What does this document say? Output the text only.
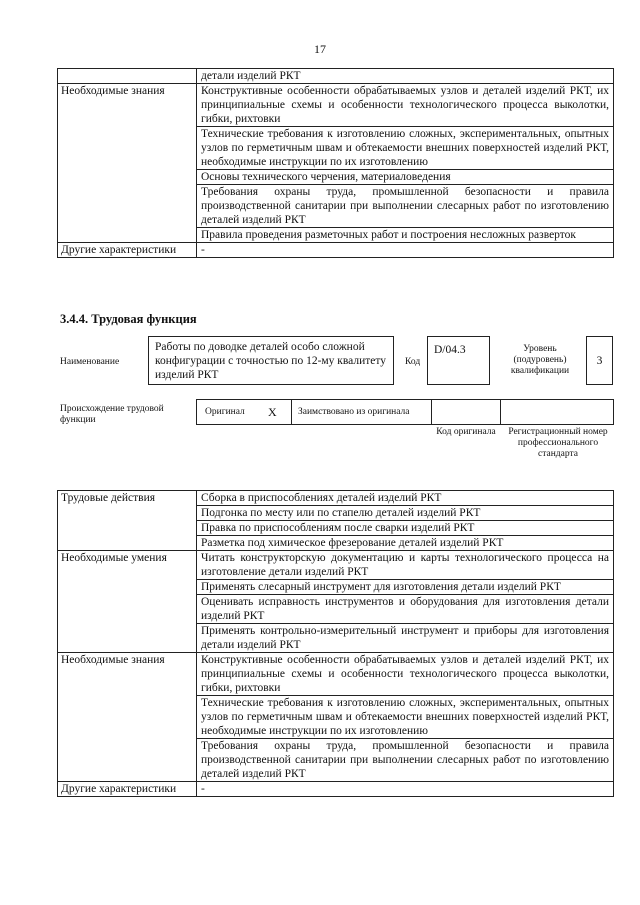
17
	детали изделий РКТ
Необходимые знания	Конструктивные особенности обрабатываемых узлов и деталей изделий РКТ, их принципиальные схемы и особенности технологического процесса выколотки, гибки, рихтовки
	Технические требования к изготовлению сложных, экспериментальных, опытных узлов по герметичным швам и обтекаемости внешних поверхностей изделий РКТ, необходимые инструкции по их изготовлению
	Основы технического черчения, материаловедения
	Требования охраны труда, промышленной безопасности и правила производственной санитарии при выполнении слесарных работ по изготовлению деталей изделий РКТ
	Правила проведения разметочных работ и построения несложных разверток
Другие характеристики	-
3.4.4. Трудовая функция
Наименование
Работы по доводке деталей особо сложной конфигурации с точностью по 12-му квалитету изделий РКТ
Код
D/04.3	Уровень (подуровень) квалификации
3
Происхождение трудовой функции
Оригинал X	Заимствовано из оригинала
Код оригинала Регистрационный номер профессионального стандарта
Трудовые действия	Сборка в приспособлениях деталей изделий РКТ
	Подгонка по месту или по стапелю деталей изделий РКТ
	Правка по приспособлениям после сварки изделий РКТ
	Разметка под химическое фрезерование деталей изделий РКТ
Необходимые умения	Читать конструкторскую документацию и карты технологического процесса на изготовление детали изделий РКТ
	Применять слесарный инструмент для изготовления детали изделий РКТ
	Оценивать исправность инструментов и оборудования для изготовления детали изделий РКТ
	Применять контрольно-измерительный инструмент и приборы для изготовления детали изделий РКТ
Необходимые знания	Конструктивные особенности обрабатываемых узлов и деталей изделий РКТ, их принципиальные схемы и особенности технологического процесса выколотки, гибки, рихтовки
	Технические требования к изготовлению сложных, экспериментальных, опытных узлов по герметичным швам и обтекаемости внешних поверхностей изделий РКТ, необходимые инструкции по их изготовлению
	Требования охраны труда, промышленной безопасности и правила производственной санитарии при выполнении слесарных работ по изготовлению деталей изделий РКТ
Другие характеристики	-
